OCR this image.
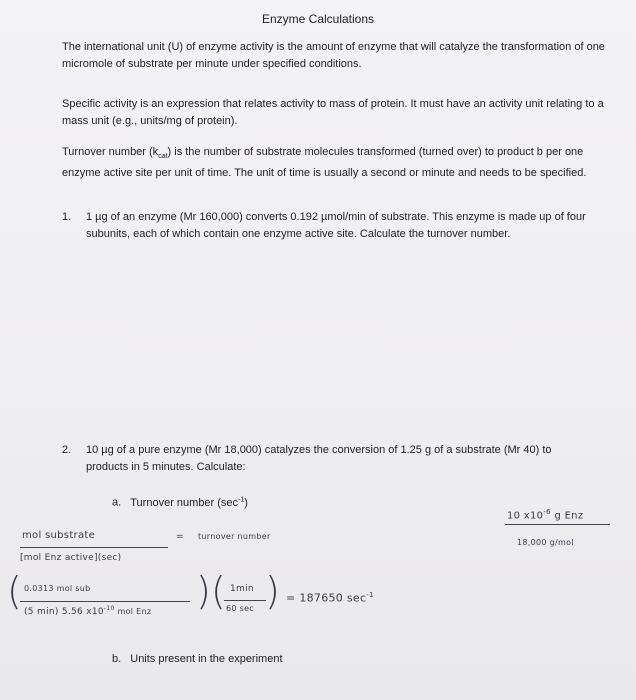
Enzyme Calculations

The international unit (U) of enzyme activity is the amount of enzyme that will catalyze the transformation of one micromole of substrate per minute under specified conditions.

Specific activity is an expression that relates activity to mass of protein. It must have an activity unit relating to a mass unit (e.g., units/mg of protein).

Turnover number $(k_{cat})$ is the number of substrate molecules transformed (turned over) to product b per one enzyme active site per unit of time. The unit of time is usually a second or minute and needs to be specified.

1. 1 µg of an enzyme (Mr 160,000) converts 0.192 µmol/min of substrate. This enzyme is made up of four subunits, each of which contain one enzyme active site. Calculate the turnover number.
2. 10 µg of a pure enzyme (Mr 18,000) catalyzes the conversion of 1.25 g of a substrate (Mr 40) to products in 5 minutes. Calculate:
a. Turnover number $(\sec^{-1})$
b. Units present in the experiment
10 $x10^{-6}$ g Enz
18,000 g/mol
mol substrate	= turnover number
[mol Enz active](sec)
( 0.0313 mol sub
(5 min) 5.56 $x10^{-10}$ mol Enz ) ( 1min
60 sec ) = 187650 $\sec^{-1}$
